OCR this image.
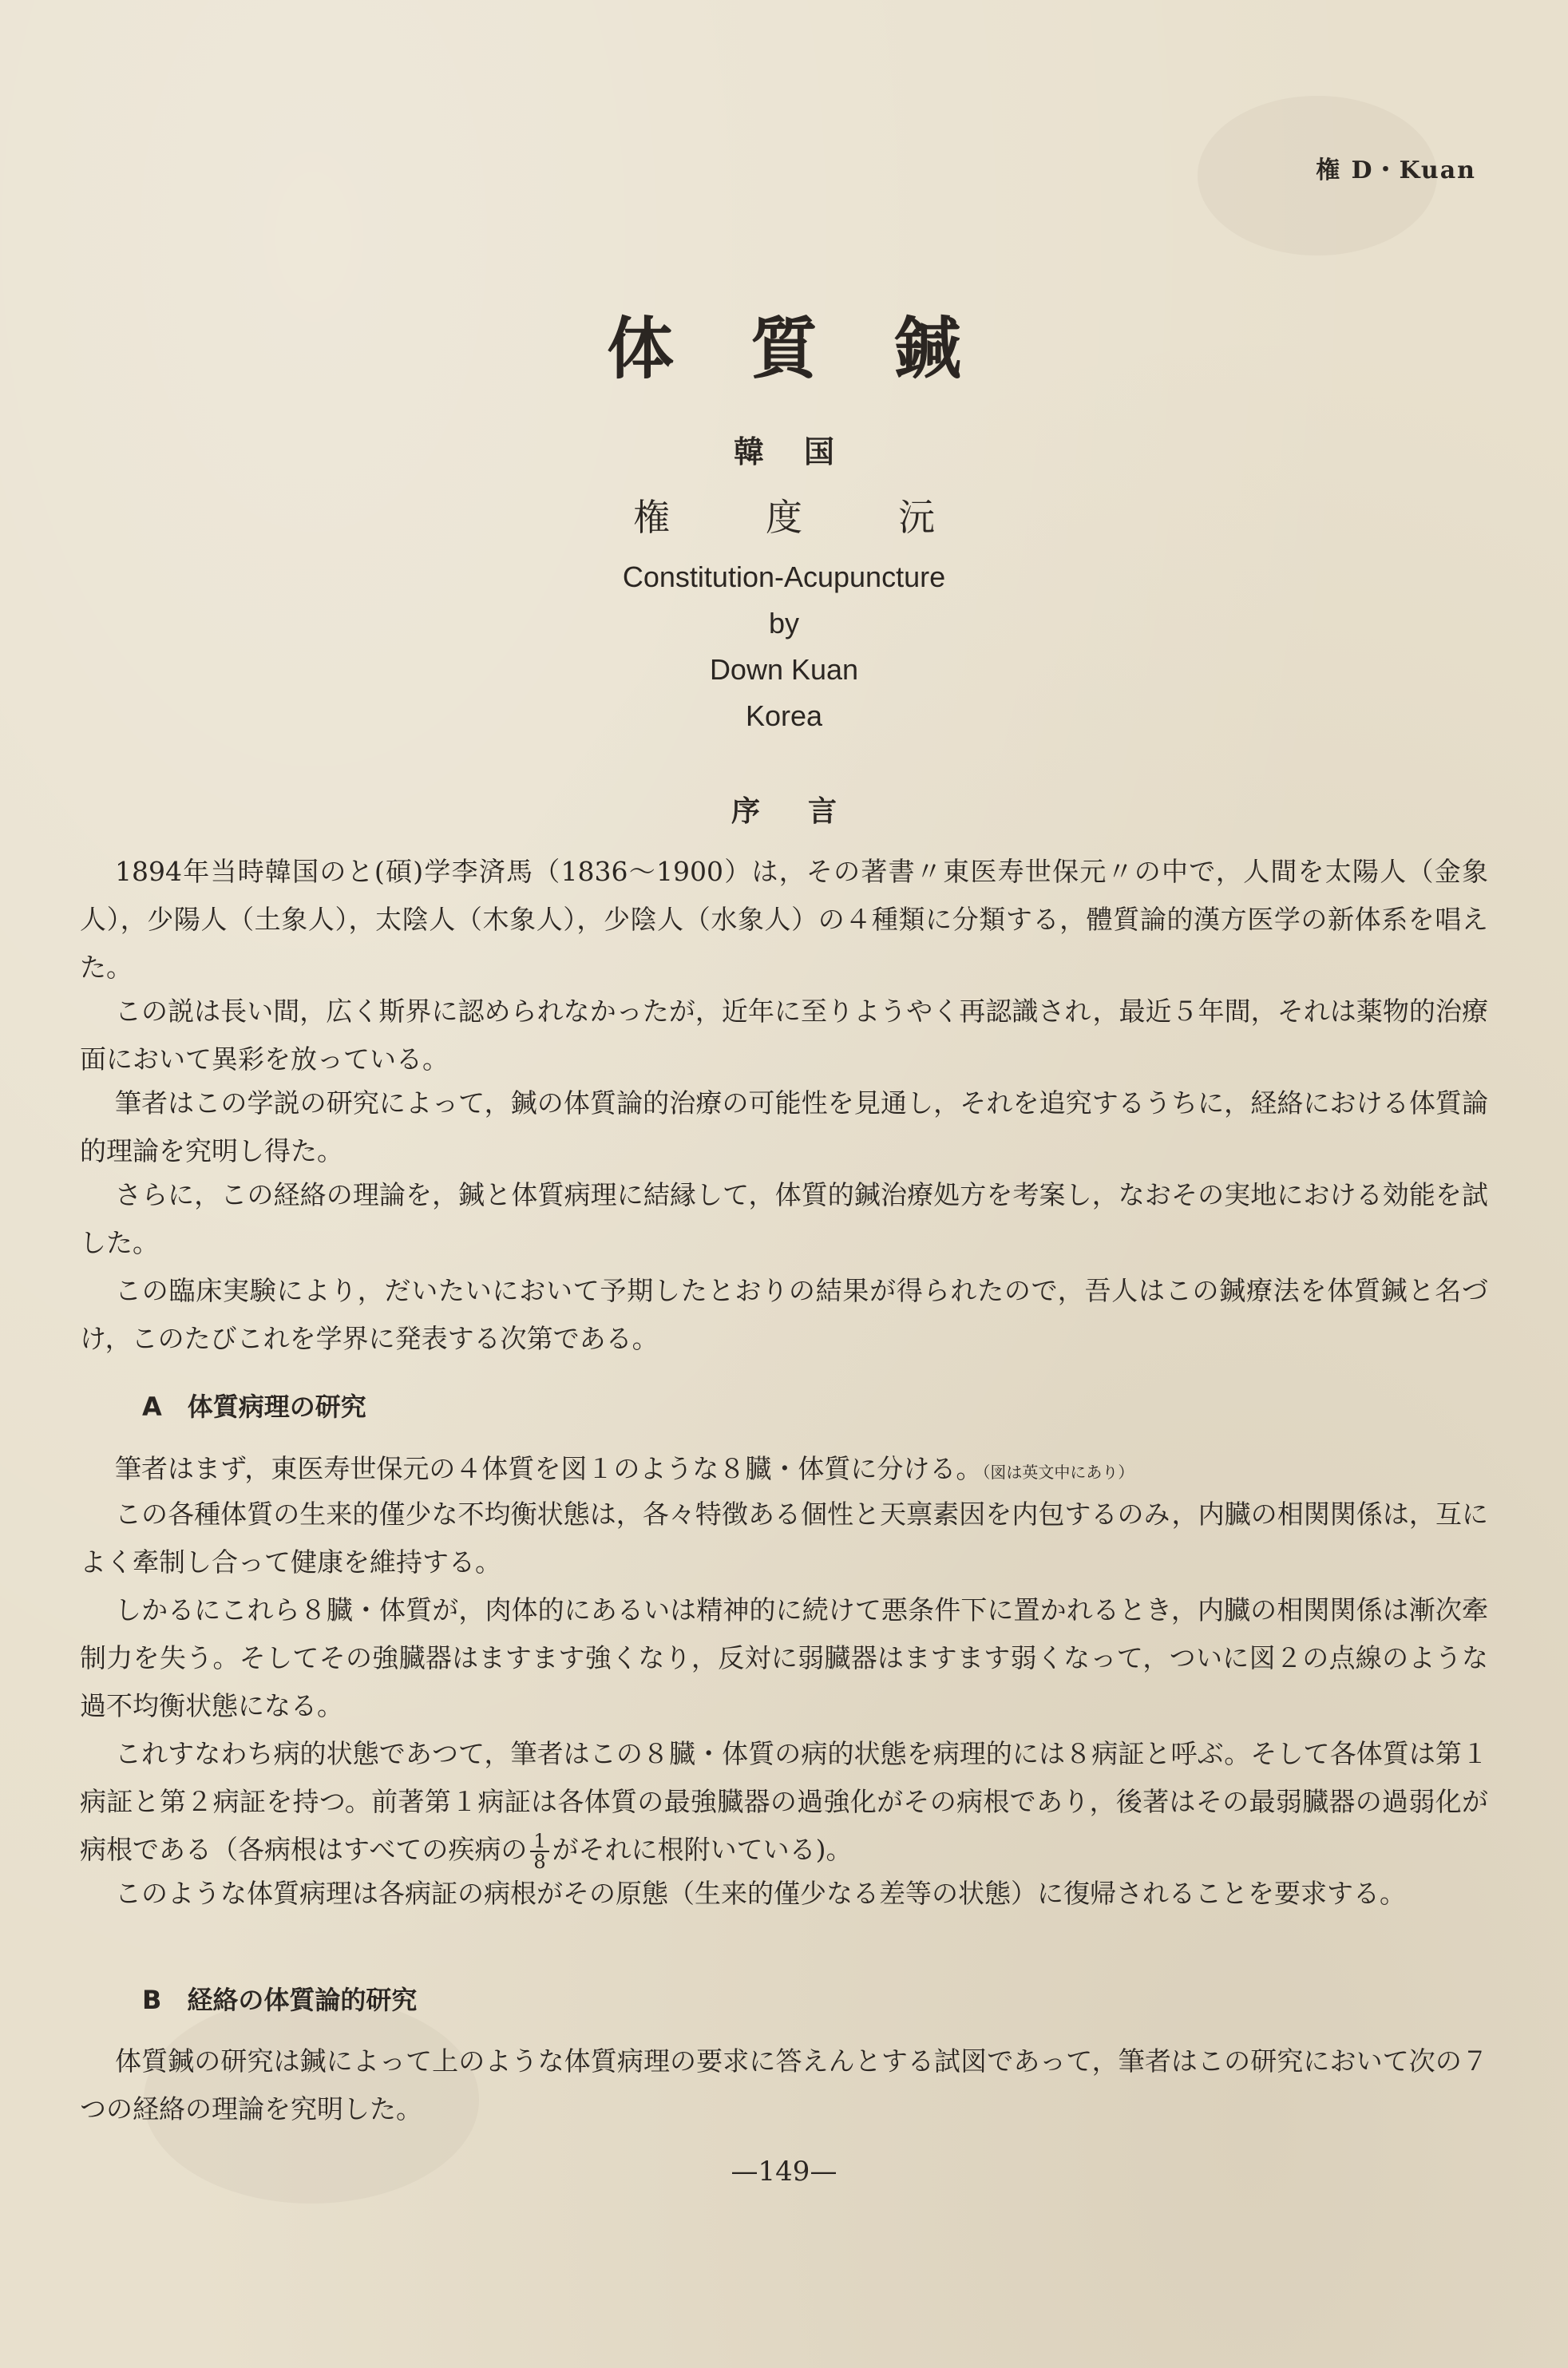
権 D・Kuan
体質鍼
韓国
権度沅
Constitution-Acupuncture
by
Down Kuan
Korea
序言

1894年当時韓国のと(碩)学李済馬（1836〜1900）は，その著書〃東医寿世保元〃の中で，人間を太陽人（金象人），少陽人（土象人），太陰人（木象人），少陰人（水象人）の４種類に分類する，體質論的漢方医学の新体系を唱えた。

この説は長い間，広く斯界に認められなかったが，近年に至りようやく再認識され，最近５年間，それは薬物的治療面において異彩を放っている。

筆者はこの学説の研究によって，鍼の体質論的治療の可能性を見通し，それを追究するうちに，経絡における体質論的理論を究明し得た。

さらに，この経絡の理論を，鍼と体質病理に結縁して，体質的鍼治療処方を考案し，なおその実地における効能を試した。

この臨床実験により，だいたいにおいて予期したとおりの結果が得られたので，吾人はこの鍼療法を体質鍼と名づけ，このたびこれを学界に発表する次第である。

A　体質病理の研究

筆者はまず，東医寿世保元の４体質を図１のような８臓・体質に分ける。（図は英文中にあり）

この各種体質の生来的僅少な不均衡状態は，各々特徴ある個性と天禀素因を内包するのみ，内臓の相関関係は，互によく牽制し合って健康を維持する。

しかるにこれら８臓・体質が，肉体的にあるいは精神的に続けて悪条件下に置かれるとき，内臓の相関関係は漸次牽制力を失う。そしてその強臓器はますます強くなり，反対に弱臓器はますます弱くなって，ついに図２の点線のような過不均衡状態になる。

これすなわち病的状態であつて，筆者はこの８臓・体質の病的状態を病理的には８病証と呼ぶ。そして各体質は第１病証と第２病証を持つ。前著第１病証は各体質の最強臓器の過強化がその病根であり，後著はその最弱臓器の過弱化が病根である（各病根はすべての疾病の $\frac{1}{8}$ がそれに根附いている)。

このような体質病理は各病証の病根がその原態（生来的僅少なる差等の状態）に復帰されることを要求する。

B　経絡の体質論的研究

体質鍼の研究は鍼によって上のような体質病理の要求に答えんとする試図であって，筆者はこの研究において次の７つの経絡の理論を究明した。

—149—
